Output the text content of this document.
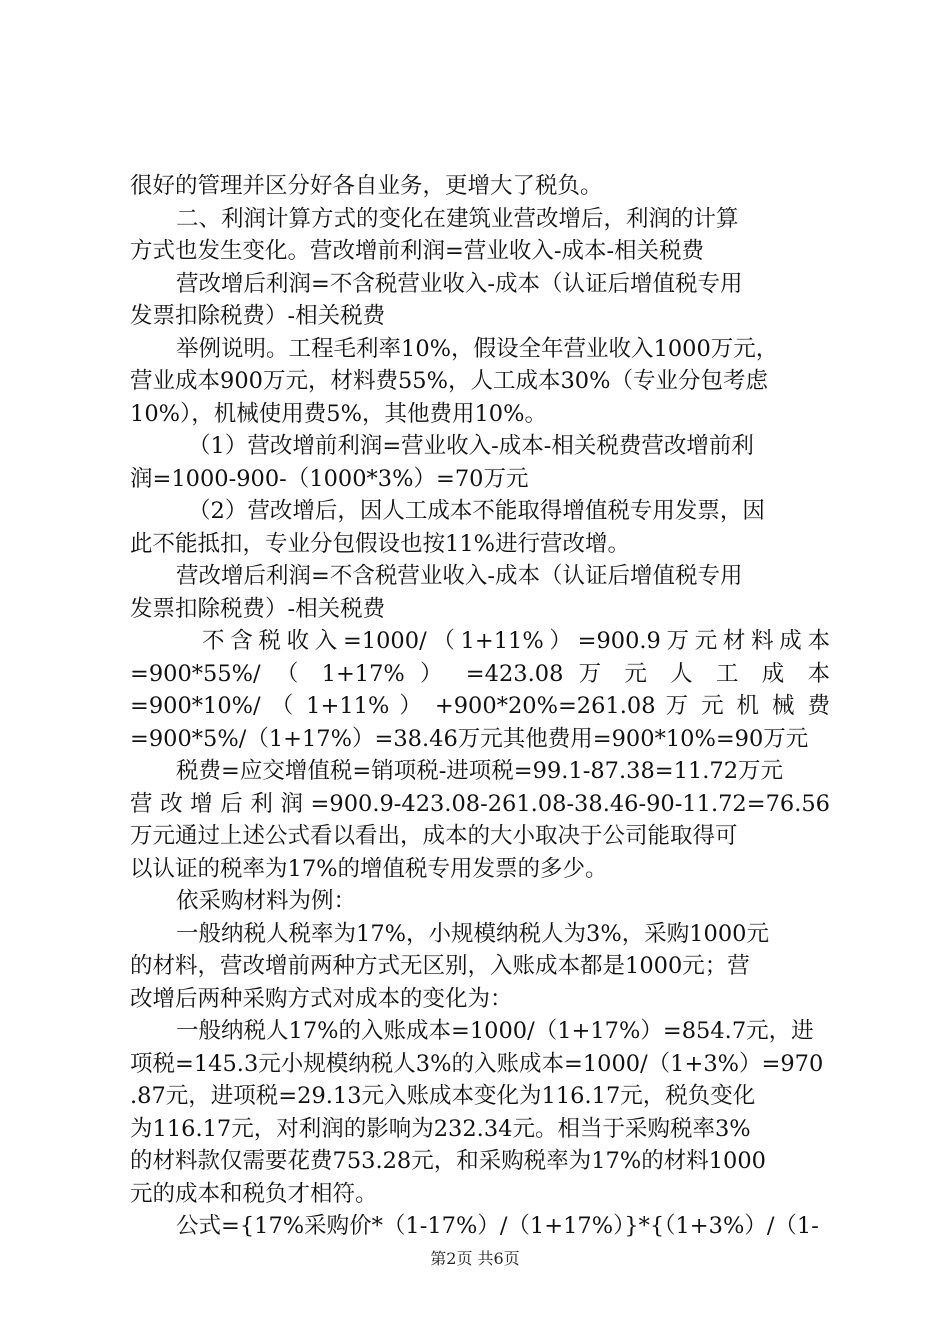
很好的管理并区分好各自业务，更增大了税负。
二、利润计算方式的变化在建筑业营改增后，利润的计算
方式也发生变化。营改增前利润=营业收入-成本-相关税费
营改增后利润=不含税营业收入-成本（认证后增值税专用
发票扣除税费）-相关税费
举例说明。工程毛利率10%，假设全年营业收入1000万元，
营业成本900万元，材料费55%，人工成本30%（专业分包考虑
10%），机械使用费5%，其他费用10%。
（1）营改增前利润=营业收入-成本-相关税费营改增前利
润=1000-900-（1000*3%）=70万元
（2）营改增后，因人工成本不能取得增值税专用发票，因
此不能抵扣，专业分包假设也按11%进行营改增。
营改增后利润=不含税营业收入-成本（认证后增值税专用
发票扣除税费）-相关税费
不含税收入=1000/（1+11%）=900.9万元材料成本
=900*55%/ （ 1+17% ） =423.08 万 元 人 工 成 本
=900*10%/ （ 1+11% ） +900*20%=261.08 万 元 机 械 费
=900*5%/（1+17%）=38.46万元其他费用=900*10%=90万元
税费=应交增值税=销项税-进项税=99.1-87.38=11.72万元
营改增后利润=900.9-423.08-261.08-38.46-90-11.72=76.56
万元通过上述公式看以看出，成本的大小取决于公司能取得可
以认证的税率为17%的增值税专用发票的多少。
依采购材料为例：
一般纳税人税率为17%，小规模纳税人为3%，采购1000元
的材料，营改增前两种方式无区别，入账成本都是1000元；营
改增后两种采购方式对成本的变化为：
一般纳税人17%的入账成本=1000/（1+17%）=854.7元，进
项税=145.3元小规模纳税人3%的入账成本=1000/（1+3%）=970
.87元，进项税=29.13元入账成本变化为116.17元，税负变化
为116.17元，对利润的影响为232.34元。相当于采购税率3%
的材料款仅需要花费753.28元，和采购税率为17%的材料1000
元的成本和税负才相符。
公式={17%采购价*（1-17%）/（1+17%）}*{（1+3%）/（1-
第2页 共6页
